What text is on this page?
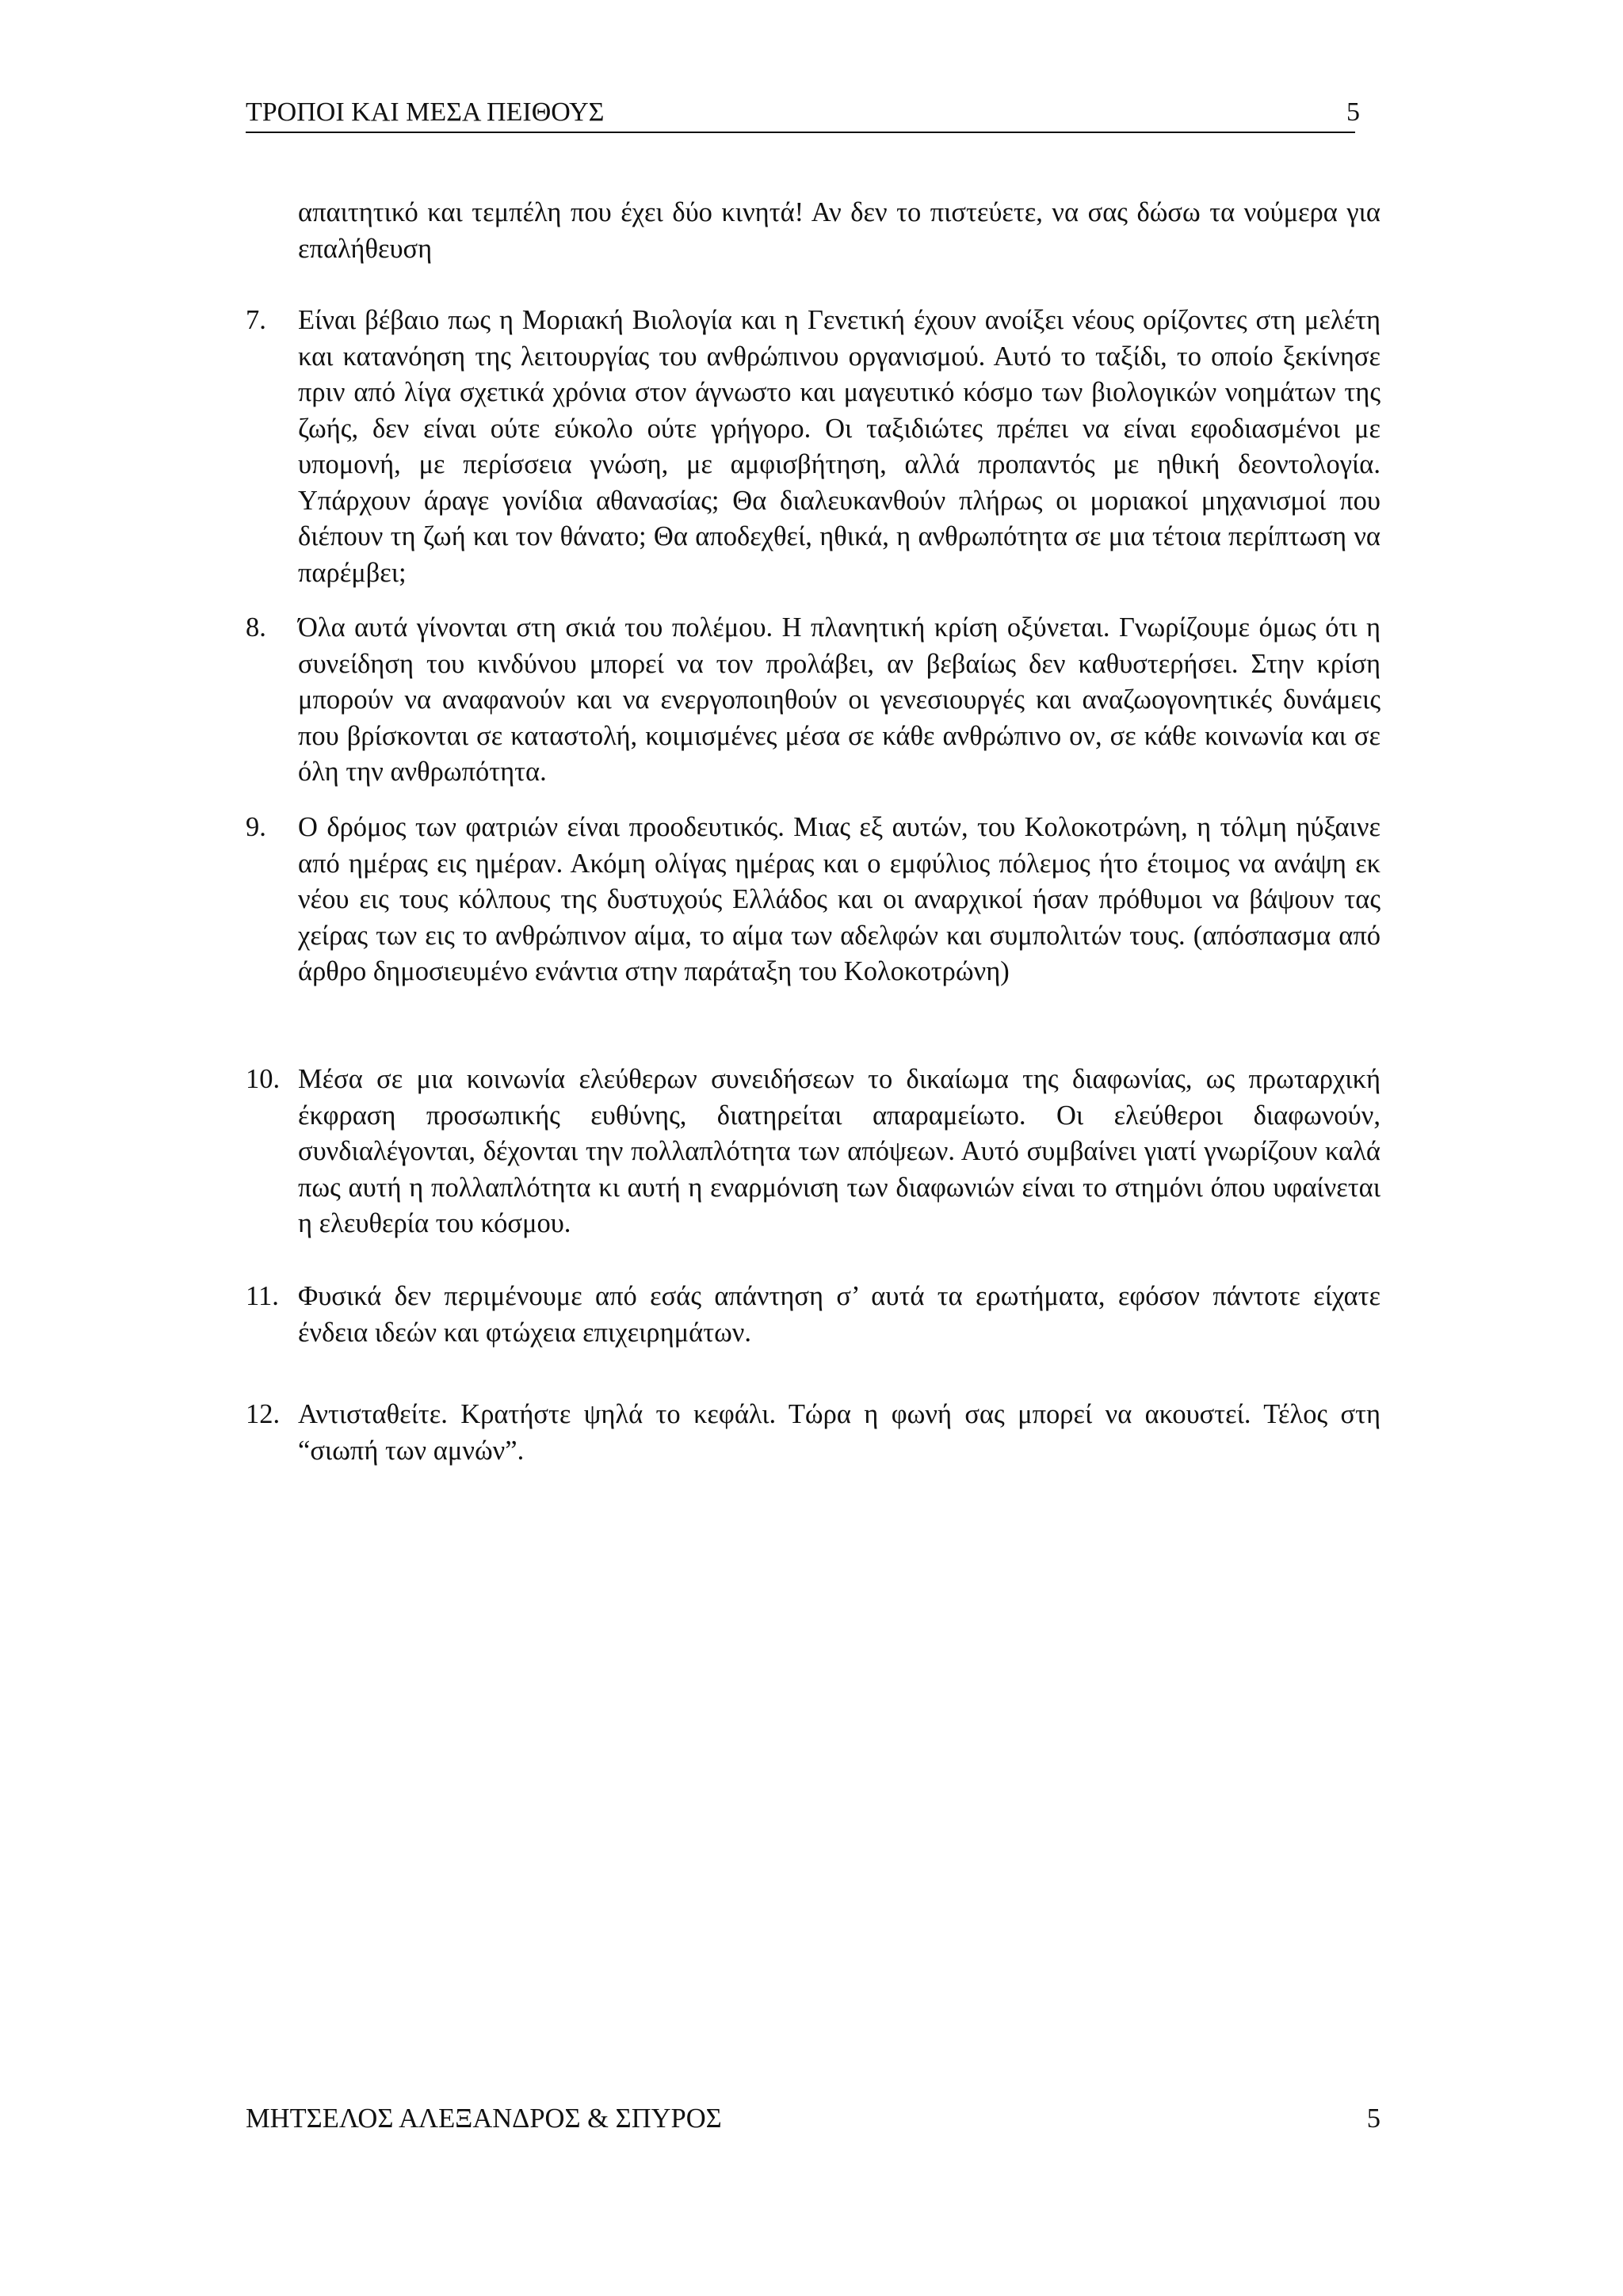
ΤΡΟΠΟΙ ΚΑΙ ΜΕΣΑ ΠΕΙΘΟΥΣ	5
απαιτητικό και τεμπέλη που έχει δύο κινητά! Αν δεν το πιστεύετε, να σας δώσω τα νούμερα για επαλήθευση
7. Είναι βέβαιο πως η Μοριακή Βιολογία και η Γενετική έχουν ανοίξει νέους ορίζοντες στη μελέτη και κατανόηση της λειτουργίας του ανθρώπινου οργανισμού. Αυτό το ταξίδι, το οποίο ξεκίνησε πριν από λίγα σχετικά χρόνια στον άγνωστο και μαγευτικό κόσμο των βιολογικών νοημάτων της ζωής, δεν είναι ούτε εύκολο ούτε γρήγορο. Οι ταξιδιώτες πρέπει να είναι εφοδιασμένοι με υπομονή, με περίσσεια γνώση, με αμφισβήτηση, αλλά προπαντός με ηθική δεοντολογία. Υπάρχουν άραγε γονίδια αθανασίας; Θα διαλευκανθούν πλήρως οι μοριακοί μηχανισμοί που διέπουν τη ζωή και τον θάνατο; Θα αποδεχθεί, ηθικά, η ανθρωπότητα σε μια τέτοια περίπτωση να παρέμβει;
8. Όλα αυτά γίνονται στη σκιά του πολέμου. Η πλανητική κρίση οξύνεται. Γνωρίζουμε όμως ότι η συνείδηση του κινδύνου μπορεί να τον προλάβει, αν βεβαίως δεν καθυστερήσει. Στην κρίση μπορούν να αναφανούν και να ενεργοποιηθούν οι γενεσιουργές και αναζωογονητικές δυνάμεις που βρίσκονται σε καταστολή, κοιμισμένες μέσα σε κάθε ανθρώπινο ον, σε κάθε κοινωνία και σε όλη την ανθρωπότητα.
9. Ο δρόμος των φατριών είναι προοδευτικός. Μιας εξ αυτών, του Κολοκοτρώνη, η τόλμη ηύξαινε από ημέρας εις ημέραν. Ακόμη ολίγας ημέρας και ο εμφύλιος πόλεμος ήτο έτοιμος να ανάψη εκ νέου εις τους κόλπους της δυστυχούς Ελλάδος και οι αναρχικοί ήσαν πρόθυμοι να βάψουν τας χείρας των εις το ανθρώπινον αίμα, το αίμα των αδελφών και συμπολιτών τους. (απόσπασμα από άρθρο δημοσιευμένο ενάντια στην παράταξη του Κολοκοτρώνη)
10. Μέσα σε μια κοινωνία ελεύθερων συνειδήσεων το δικαίωμα της διαφωνίας, ως πρωταρχική έκφραση προσωπικής ευθύνης, διατηρείται απαραμείωτο. Οι ελεύθεροι διαφωνούν, συνδιαλέγονται, δέχονται την πολλαπλότητα των απόψεων. Αυτό συμβαίνει γιατί γνωρίζουν καλά πως αυτή η πολλαπλότητα κι αυτή η εναρμόνιση των διαφωνιών είναι το στημόνι όπου υφαίνεται η ελευθερία του κόσμου.
11. Φυσικά δεν περιμένουμε από εσάς απάντηση σ’ αυτά τα ερωτήματα, εφόσον πάντοτε είχατε ένδεια ιδεών και φτώχεια επιχειρημάτων.
12. Αντισταθείτε. Κρατήστε ψηλά το κεφάλι. Τώρα η φωνή σας μπορεί να ακουστεί. Τέλος στη “σιωπή των αμνών”.
ΜΗΤΣΕΛΟΣ ΑΛΕΞΑΝΔΡΟΣ & ΣΠΥΡΟΣ	5
